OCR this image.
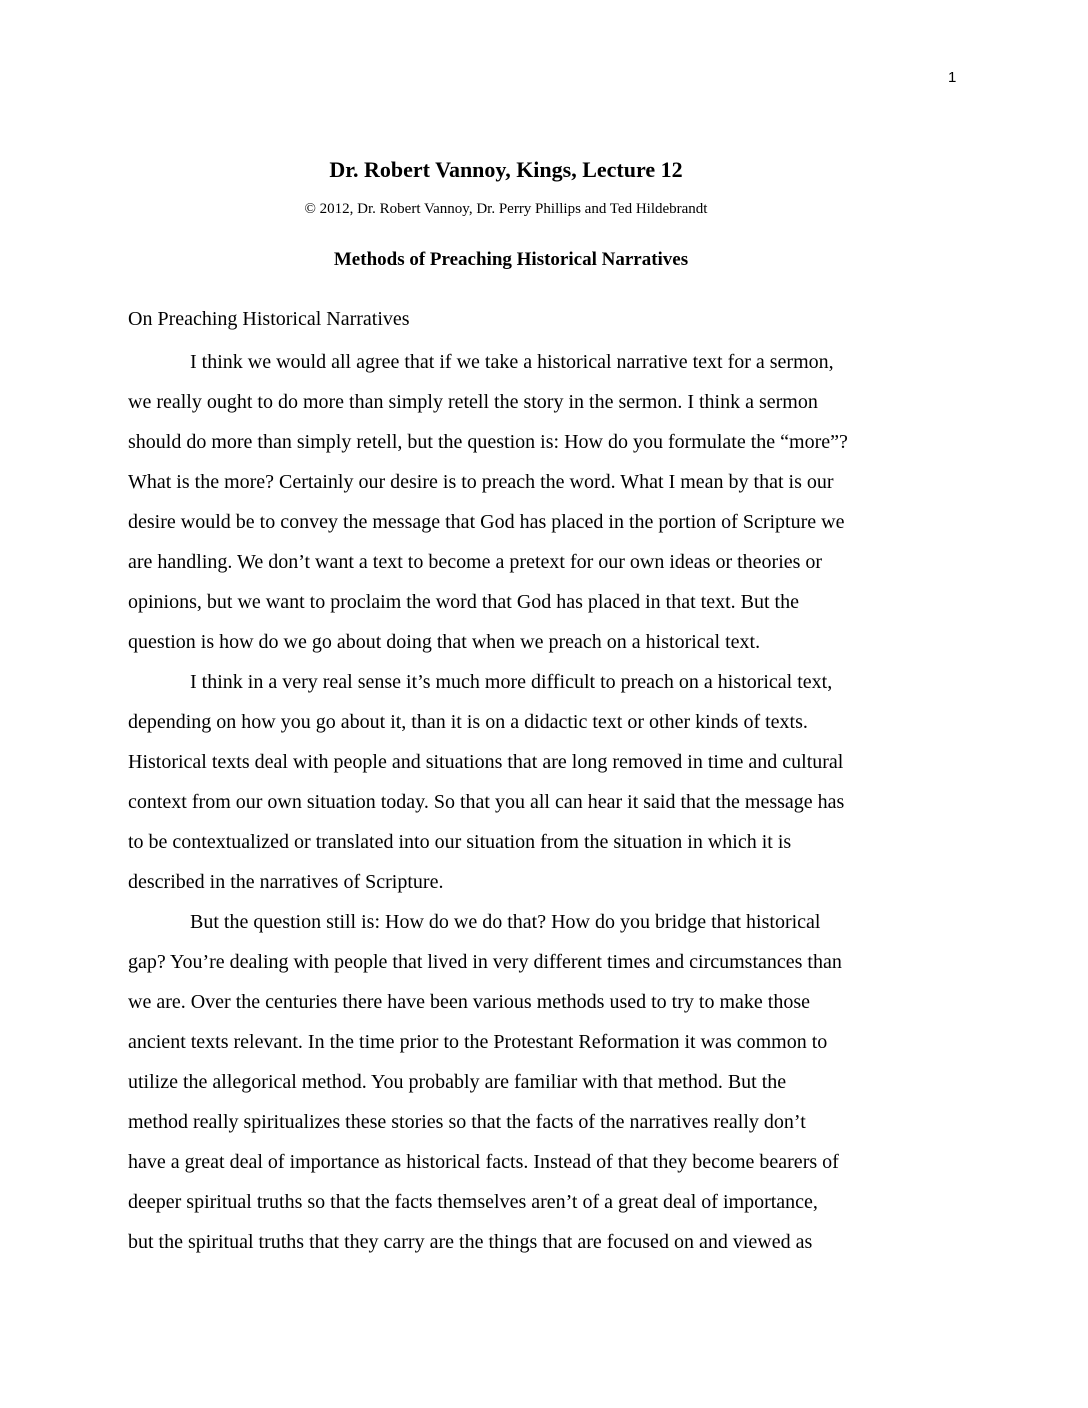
1
Dr. Robert Vannoy, Kings, Lecture 12
© 2012, Dr. Robert Vannoy, Dr. Perry Phillips and Ted Hildebrandt
Methods of Preaching Historical Narratives
On Preaching Historical Narratives

I think we would all agree that if we take a historical narrative text for a sermon,
we really ought to do more than simply retell the story in the sermon. I think a sermon
should do more than simply retell, but the question is: How do you formulate the “more”?
What is the more? Certainly our desire is to preach the word. What I mean by that is our
desire would be to convey the message that God has placed in the portion of Scripture we
are handling. We don’t want a text to become a pretext for our own ideas or theories or
opinions, but we want to proclaim the word that God has placed in that text. But the
question is how do we go about doing that when we preach on a historical text.

I think in a very real sense it’s much more difficult to preach on a historical text,
depending on how you go about it, than it is on a didactic text or other kinds of texts.
Historical texts deal with people and situations that are long removed in time and cultural
context from our own situation today. So that you all can hear it said that the message has
to be contextualized or translated into our situation from the situation in which it is
described in the narratives of Scripture.

But the question still is: How do we do that? How do you bridge that historical
gap? You’re dealing with people that lived in very different times and circumstances than
we are. Over the centuries there have been various methods used to try to make those
ancient texts relevant. In the time prior to the Protestant Reformation it was common to
utilize the allegorical method. You probably are familiar with that method. But the
method really spiritualizes these stories so that the facts of the narratives really don’t
have a great deal of importance as historical facts. Instead of that they become bearers of
deeper spiritual truths so that the facts themselves aren’t of a great deal of importance,
but the spiritual truths that they carry are the things that are focused on and viewed as
